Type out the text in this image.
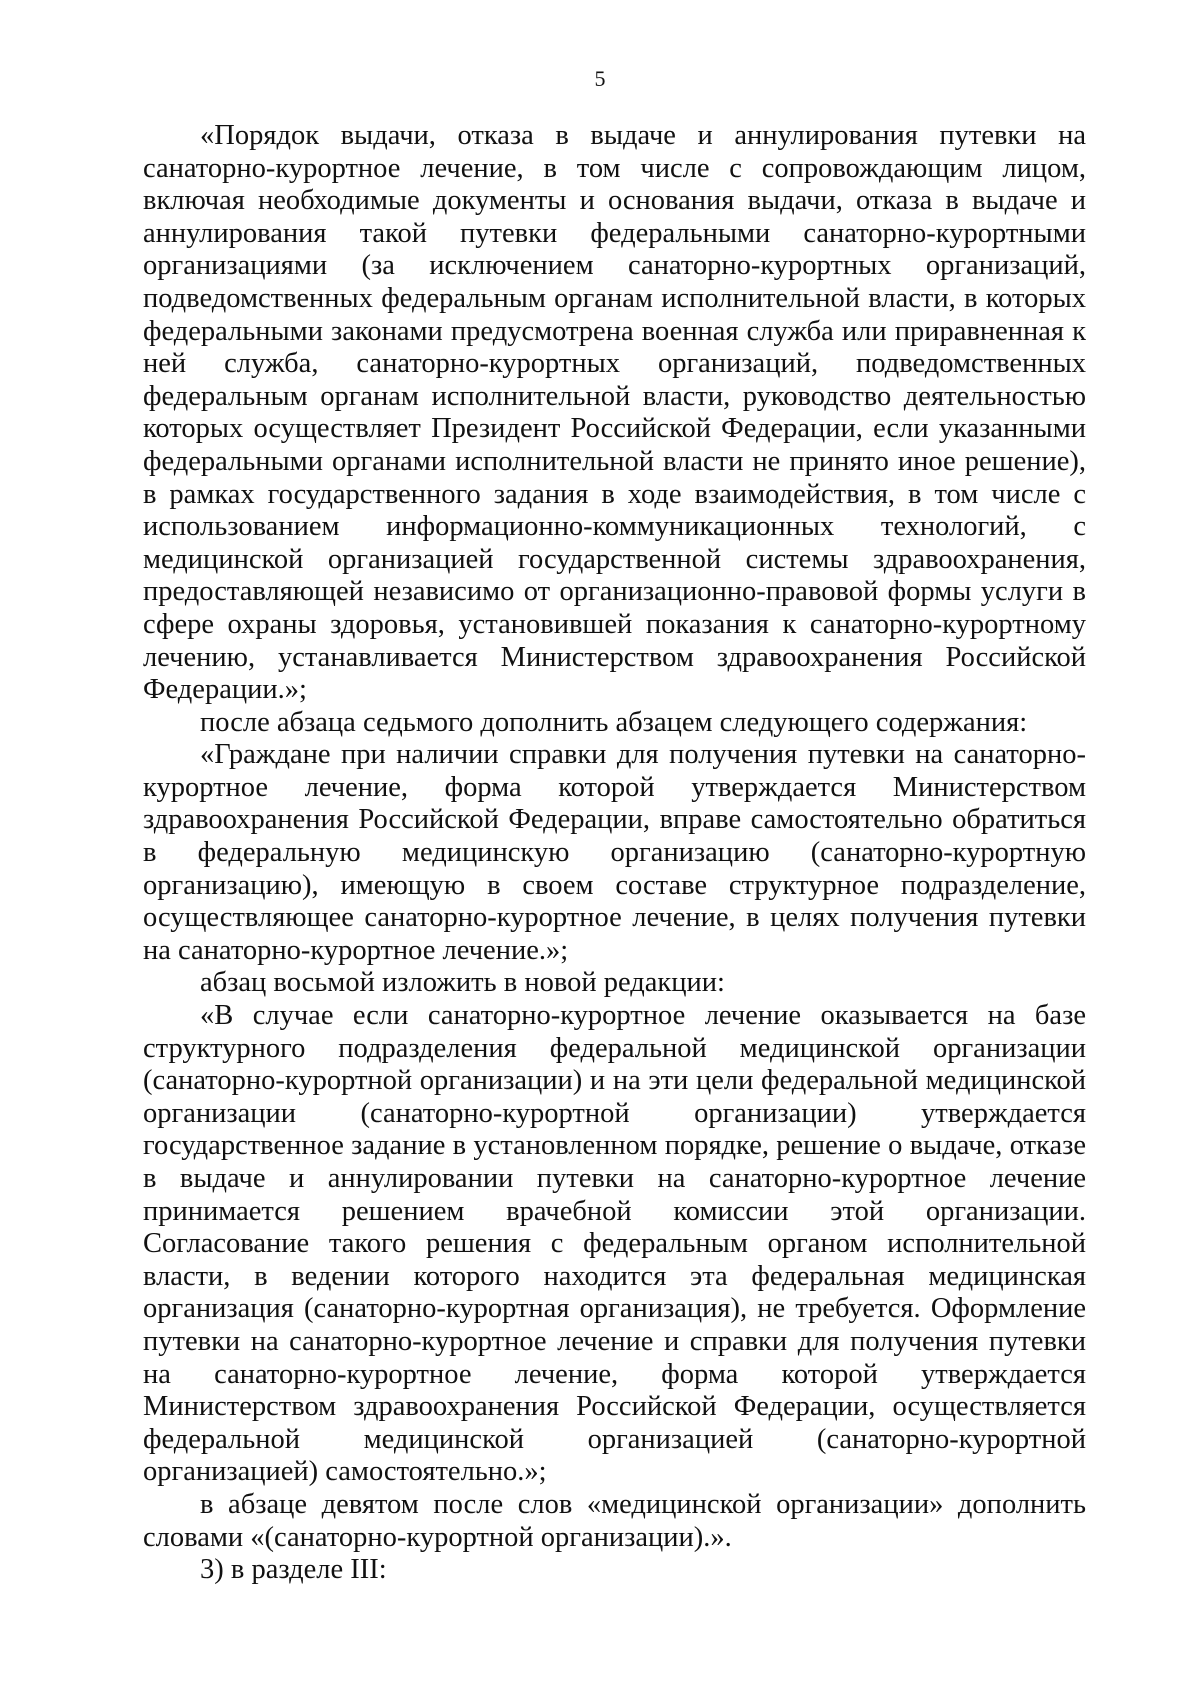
5

«Порядок выдачи, отказа в выдаче и аннулирования путевки на санаторно-курортное лечение, в том числе с сопровождающим лицом, включая необходимые документы и основания выдачи, отказа в выдаче и аннулирования такой путевки федеральными санаторно-курортными организациями (за исключением санаторно-курортных организаций, подведомственных федеральным органам исполнительной власти, в которых федеральными законами предусмотрена военная служба или приравненная к ней служба, санаторно-курортных организаций, подведомственных федеральным органам исполнительной власти, руководство деятельностью которых осуществляет Президент Российской Федерации, если указанными федеральными органами исполнительной власти не принято иное решение), в рамках государственного задания в ходе взаимодействия, в том числе с использованием информационно-коммуникационных технологий, с медицинской организацией государственной системы здравоохранения, предоставляющей независимо от организационно-правовой формы услуги в сфере охраны здоровья, установившей показания к санаторно-курортному лечению, устанавливается Министерством здравоохранения Российской Федерации.»;

после абзаца седьмого дополнить абзацем следующего содержания:

«Граждане при наличии справки для получения путевки на санаторно-курортное лечение, форма которой утверждается Министерством здравоохранения Российской Федерации, вправе самостоятельно обратиться в федеральную медицинскую организацию (санаторно-курортную организацию), имеющую в своем составе структурное подразделение, осуществляющее санаторно-курортное лечение, в целях получения путевки на санаторно-курортное лечение.»;

абзац восьмой изложить в новой редакции:

«В случае если санаторно-курортное лечение оказывается на базе структурного подразделения федеральной медицинской организации (санаторно-курортной организации) и на эти цели федеральной медицинской организации (санаторно-курортной организации) утверждается государственное задание в установленном порядке, решение о выдаче, отказе в выдаче и аннулировании путевки на санаторно-курортное лечение принимается решением врачебной комиссии этой организации. Согласование такого решения с федеральным органом исполнительной власти, в ведении которого находится эта федеральная медицинская организация (санаторно-курортная организация), не требуется. Оформление путевки на санаторно-курортное лечение и справки для получения путевки на санаторно-курортное лечение, форма которой утверждается Министерством здравоохранения Российской Федерации, осуществляется федеральной медицинской организацией (санаторно-курортной организацией) самостоятельно.»;

в абзаце девятом после слов «медицинской организации» дополнить словами «(санаторно-курортной организации).».

3) в разделе III:
